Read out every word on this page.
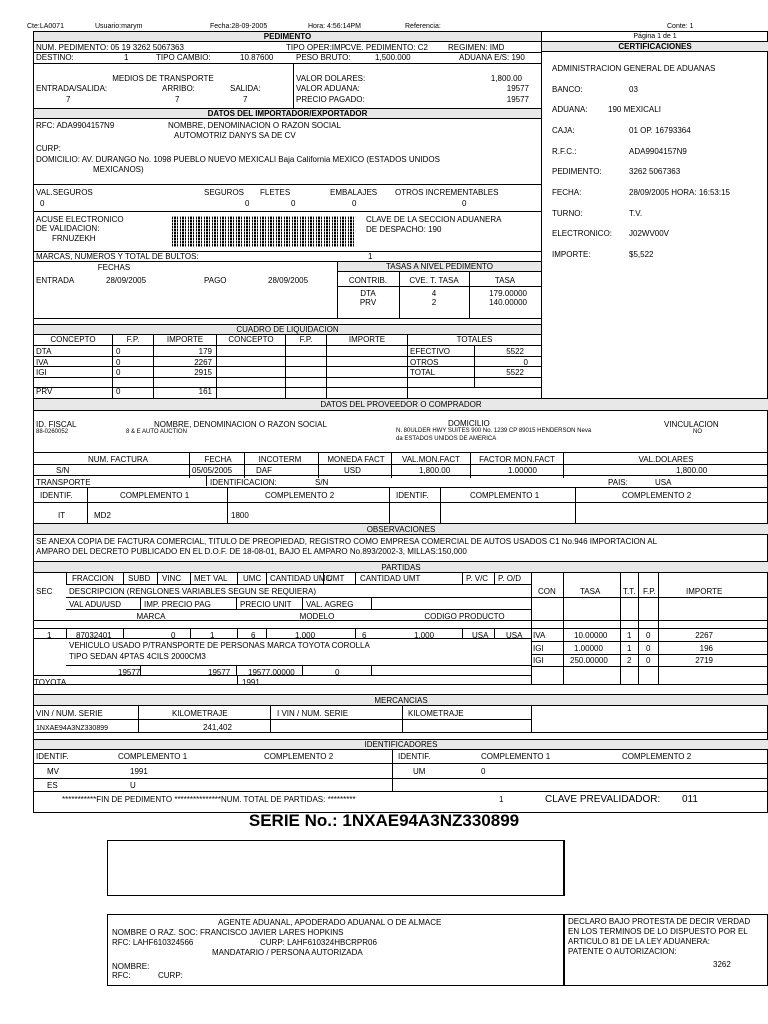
Cte:LA0071	Usuario:marym	Fecha:28-09-2005	Hora: 4:56:14PM	Referencia:	Conte: 1
PEDIMENTO	Página 1 de 1
CERTIFICACIONES
NUM. PEDIMENTO: 05 19 3262 5067363	TIPO OPER:IMP
CVE. PEDIMENTO: C2	REGIMEN: IMD
DESTINO:	1	TIPO CAMBIO:	10.87600	PESO BRUTO:	1,500.000	ADUANA E/S: 190
MEDIOS DE TRANSPORTE
ENTRADA/SALIDA:	ARRIBO:	SALIDA:
7	7	7
VALOR DOLARES:	1,800.00
VALOR ADUANA:	19577
PRECIO PAGADO:	19577
DATOS DEL IMPORTADOR/EXPORTADOR
RFC: ADA9904157N9	NOMBRE, DENOMINACION O RAZON SOCIAL
AUTOMOTRIZ DANYS SA DE CV
CURP:
DOMICILIO: AV. DURANGO No. 1098 PUEBLO NUEVO MEXICALI Baja California MEXICO (ESTADOS UNIDOS
MEXICANOS)
VAL.SEGUROS	SEGUROS FLETES	EMBALAJES OTROS INCREMENTABLES
0	0	0	0	0
ACUSE ELECTRONICO
DE VALIDACION:
FRNUZEKH
CLAVE DE LA SECCION ADUANERA
DE DESPACHO: 190
MARCAS, NUMEROS Y TOTAL DE BULTOS:	1
FECHAS	TASAS A NIVEL PEDIMENTO
ENTRADA	28/09/2005	PAGO	28/09/2005	CONTRIB.	CVE. T. TASA	TASA
DTA	4	179.00000
PRV	2	140.00000
ADMINISTRACION GENERAL DE ADUANAS
BANCO:	03
ADUANA:	190 MEXICALI
CAJA:	01 OP. 16793364
R.F.C.:	ADA9904157N9
PEDIMENTO:	3262 5067363
FECHA:	28/09/2005 HORA: 16:53:15
TURNO:	T.V.
ELECTRONICO: J02WV00V
IMPORTE:	$5,522
CUADRO DE LIQUIDACION
CONCEPTO	F.P.	IMPORTE	CONCEPTO	F.P.	IMPORTE	TOTALES
DTA	0	179
IVA	0	2267
IGI	0	2915
PRV	0	161
EFECTIVO	5522
OTROS	0
TOTAL	5522
DATOS DEL PROVEEDOR O COMPRADOR
ID. FISCAL
88-0260052
NOMBRE, DENOMINACION O RAZON SOCIAL
8 & E AUTO AUCTION
DOMICILIO
N. 80ULDER HWY SUITES 900 No. 1239 CP 89015 HENDERSON Neva
da ESTADOS UNIDOS DE AMERICA
VINCULACION
NO
NUM. FACTURA	FECHA	INCOTERM	MONEDA FACT	VAL.MON.FACT	FACTOR MON.FACT	VAL.DOLARES
S/N	05/05/2005	DAF	USD	1,800.00	1.00000	1,800.00
TRANSPORTE	IDENTIFICACION:	S/N	PAIS:	USA
IDENTIF.	COMPLEMENTO 1	COMPLEMENTO 2	IDENTIF.	COMPLEMENTO 1	COMPLEMENTO 2
IT	MD2	1800
OBSERVACIONES
SE ANEXA COPIA DE FACTURA COMERCIAL, TITULO DE PREOPIEDAD, REGISTRO COMO EMPRESA COMERCIAL DE AUTOS USADOS C1 No.946 IMPORTACION AL
AMPARO DEL DECRETO PUBLICADO EN EL D.O.F. DE 18-08-01, BAJO EL AMPARO No.893/2002-3, MILLAS:150,000
PARTIDAS
SEC
FRACCION SUBD VINC MET VAL UMC CANTIDAD UMC
UMT CANTIDAD UMT	P. V/C P. O/D
DESCRIPCION (RENGLONES VARIABLES SEGUN SE REQUIERA)
VAL ADU/USD	IMP. PRECIO PAG	PRECIO UNIT VAL. AGREG
MARCA	MODELO	CODIGO PRODUCTO
CON	TASA	T.T. F.P.	IMPORTE
1	87032401	0	1	6	1.000	6	1.000	USA USA
VEHICULO USADO P/TRANSPORTE DE PERSONAS MARCA TOYOTA COROLLA
TIPO SEDAN 4PTAS 4CILS 2000CM3
19577	19577 19577.00000	0
TOYOTA	1991
IVA	10.00000 1 0	2267
IGI	1.00000	1 0	196
IGI	250.00000 2 0	2719
MERCANCIAS
VIN / NUM. SERIE	KILOMETRAJE	I VIN / NUM. SERIE	KILOMETRAJE
1NXAE94A3NZ330899	241,402
IDENTIFICADORES
IDENTIF.	COMPLEMENTO 1	COMPLEMENTO 2	IDENTIF.	COMPLEMENTO 1	COMPLEMENTO 2
MV	1991	UM	0
ES	U
***********FIN DE PEDIMENTO ***************NUM. TOTAL DE PARTIDAS: *********	1	CLAVE PREVALIDADOR: 011
SERIE No.: 1NXAE94A3NZ330899
AGENTE ADUANAL, APODERADO ADUANAL O DE ALMACE
NOMBRE O RAZ. SOC: FRANCISCO JAVIER LARES HOPKINS
RFC: LAHF610324566	CURP: LAHF610324HBCRPR06
MANDATARIO / PERSONA AUTORIZADA
NOMBRE:
RFC:	CURP:
DECLARO BAJO PROTESTA DE DECIR VERDAD
EN LOS TERMINOS DE LO DISPUESTO POR EL
ARTICULO 81 DE LA LEY ADUANERA:
PATENTE O AUTORIZACION:
3262
